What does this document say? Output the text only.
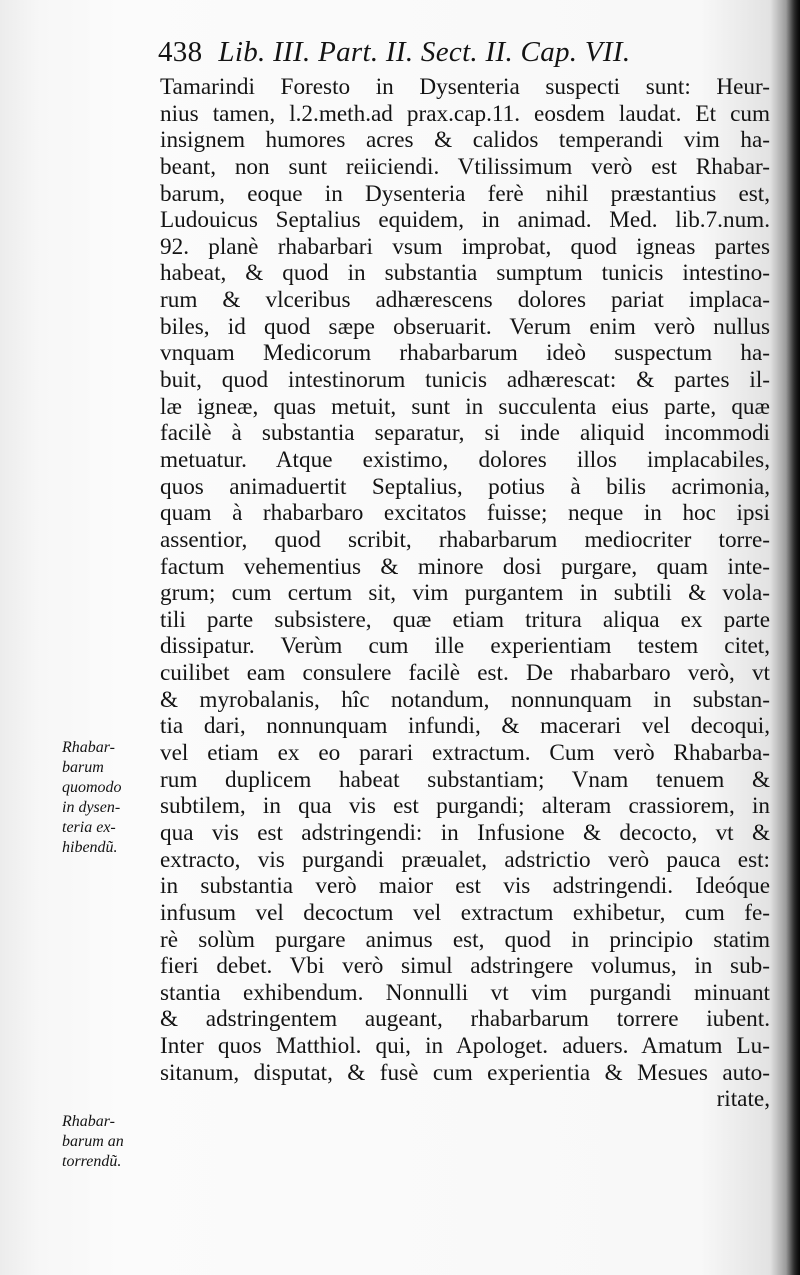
438 Lib. III. Part. II. Sect. II. Cap. VII.
Tamarindi Foresto in Dysenteria suspecti sunt: Heur-
nius tamen, l.2.meth.ad prax.cap.11. eosdem laudat. Et cum
insignem humores acres & calidos temperandi vim ha-
beant, non sunt reiiciendi. Vtilissimum verò est Rhabar-
barum, eoque in Dysenteria ferè nihil præstantius est,
Ludouicus Septalius equidem, in animad. Med. lib.7.num.
92. planè rhabarbari vsum improbat, quod igneas partes
habeat, & quod in substantia sumptum tunicis intestino-
rum & vlceribus adhærescens dolores pariat implaca-
biles, id quod sæpe obseruarit. Verum enim verò nullus
vnquam Medicorum rhabarbarum ideò suspectum ha-
buit, quod intestinorum tunicis adhærescat: & partes il-
læ igneæ, quas metuit, sunt in succulenta eius parte, quæ
facilè à substantia separatur, si inde aliquid incommodi
metuatur. Atque existimo, dolores illos implacabiles,
quos animaduertit Septalius, potius à bilis acrimonia,
quam à rhabarbaro excitatos fuisse; neque in hoc ipsi
assentior, quod scribit, rhabarbarum mediocriter torre-
factum vehementius & minore dosi purgare, quam inte-
grum; cum certum sit, vim purgantem in subtili & vola-
tili parte subsistere, quæ etiam tritura aliqua ex parte
dissipatur. Verùm cum ille experientiam testem citet,
cuilibet eam consulere facilè est. De rhabarbaro verò, vt
& myrobalanis, hîc notandum, nonnunquam in substan-
tia dari, nonnunquam infundi, & macerari vel decoqui,
vel etiam ex eo parari extractum. Cum verò Rhabarba-
rum duplicem habeat substantiam; Vnam tenuem &
subtilem, in qua vis est purgandi; alteram crassiorem, in
qua vis est adstringendi: in Infusione & decocto, vt &
extracto, vis purgandi præualet, adstrictio verò pauca est:
in substantia verò maior est vis adstringendi. Ideóque
infusum vel decoctum vel extractum exhibetur, cum fe-
rè solùm purgare animus est, quod in principio statim
fieri debet. Vbi verò simul adstringere volumus, in sub-
stantia exhibendum. Nonnulli vt vim purgandi minuant
& adstringentem augeant, rhabarbarum torrere iubent.
Inter quos Matthiol. qui, in Apologet. aduers. Amatum Lu-
sitanum, disputat, & fusè cum experientia & Mesues auto-
ritate,
Rhabar-
barum
quomodo
in dysen-
teria ex-
hibendũ.
Rhabar-
barum an
torrendũ.
